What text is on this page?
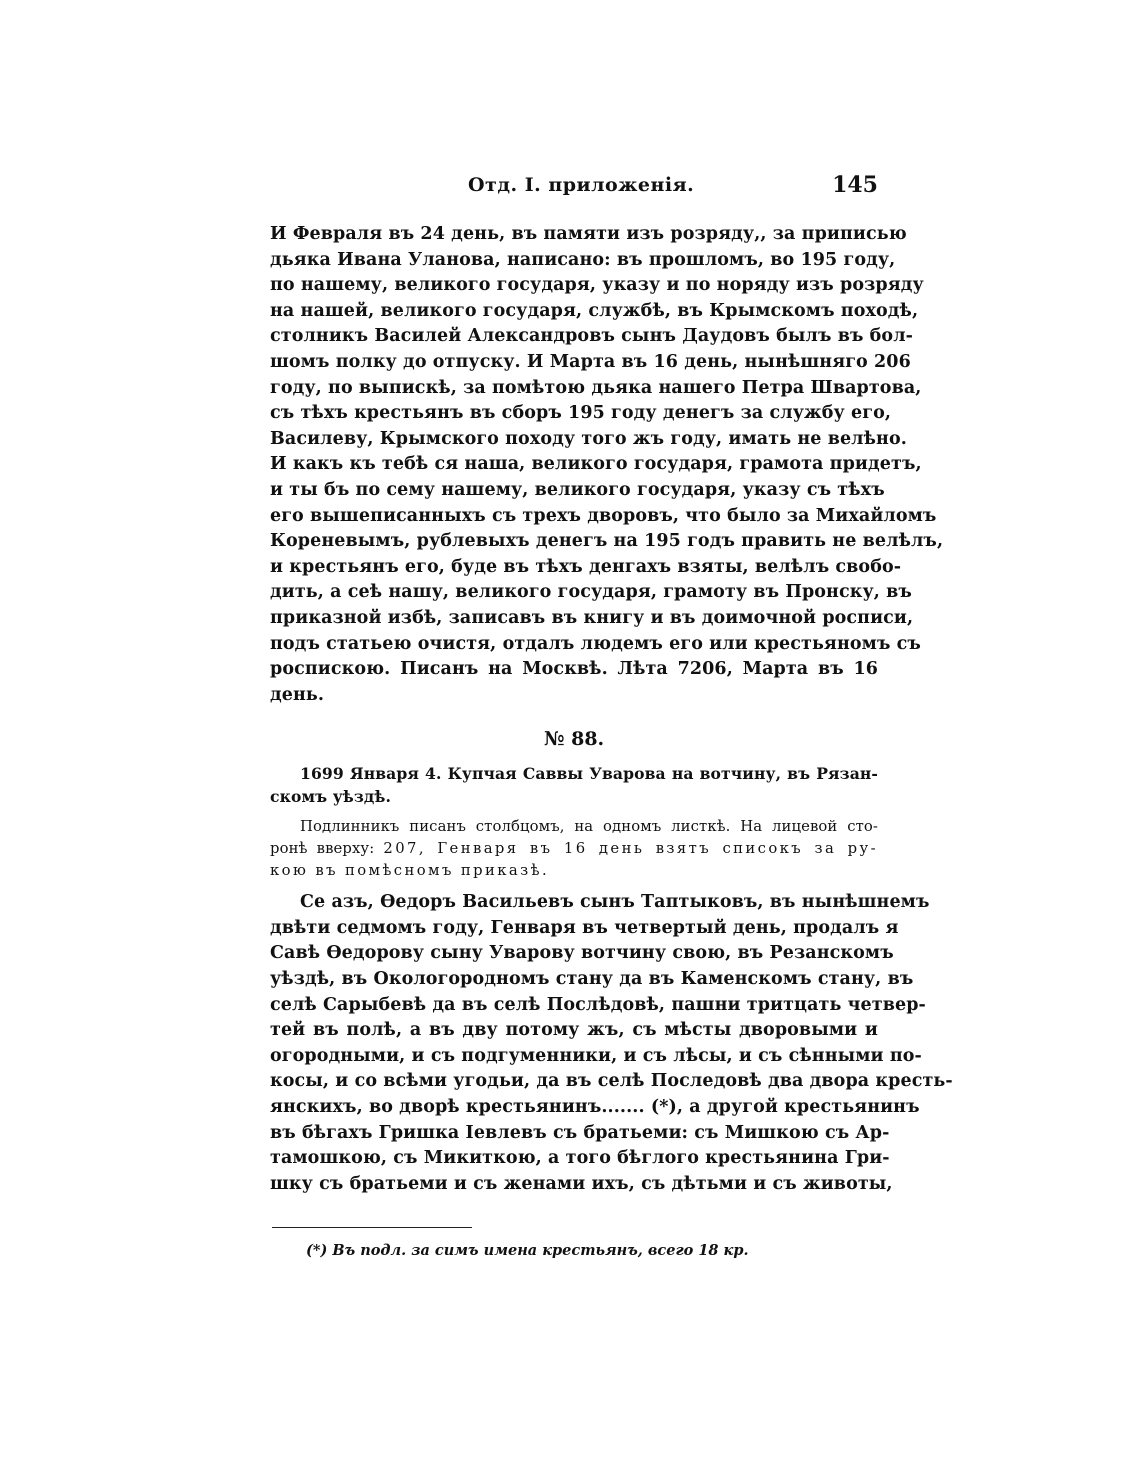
Отд. I. приложенія.	145
И Февраля въ 24 день, въ памяти изъ розряду,, за приписью
дьяка Ивана Уланова, написано: въ прошломъ, во 195 году,
по нашему, великого государя, указу и по норяду изъ розряду
на нашей, великого государя, службѣ, въ Крымскомъ походѣ,
столникъ Василей Александровъ сынъ Даудовъ былъ въ бол-
шомъ полку до отпуску. И Марта въ 16 день, нынѣшняго 206
году, по выпискѣ, за помѣтою дьяка нашего Петра Швартова,
съ тѣхъ крестьянъ въ сборъ 195 году денегъ за службу его,
Василеву, Крымского походу того жъ году, имать не велѣно.
И какъ къ тебѣ ся наша, великого государя, грамота придетъ,
и ты бъ по сему нашему, великого государя, указу съ тѣхъ
его вышеписанныхъ съ трехъ дворовъ, что было за Михайломъ
Кореневымъ, рублевыхъ денегъ на 195 годъ править не велѣлъ,
и крестьянъ его, буде въ тѣхъ денгахъ взяты, велѣлъ свобо-
дить, а сеѣ нашу, великого государя, грамоту въ Пронску, въ
приказной избѣ, записавъ въ книгу и въ доимочной росписи,
подъ статьею очистя, отдалъ людемъ его или крестьяномъ съ
роспискою. Писанъ на Москвѣ. Лѣта 7206, Марта въ 16
день.
№ 88.
1699 Января 4. Купчая Саввы Уварова на вотчину, въ Рязан-
скомъ уѣздѣ.
Подлинникъ писанъ столбцомъ, на одномъ листкѣ. На лицевой сто-
ронѣ вверху: 207, Генваря въ 16 день взятъ списокъ за ру-
кою въ помѣсномъ приказѣ.
Се азъ, Ѳедоръ Васильевъ сынъ Таптыковъ, въ нынѣшнемъ
двѣти седмомъ году, Генваря въ четвертый день, продалъ я
Савѣ Ѳедорову сыну Уварову вотчину свою, въ Резанскомъ
уѣздѣ, въ Окологородномъ стану да въ Каменскомъ стану, въ
селѣ Сарыбевѣ да въ селѣ Послѣдовѣ, пашни тритцать четвер-
тей въ полѣ, а въ дву потому жъ, съ мѣсты дворовыми и
огородными, и съ подгуменники, и съ лѣсы, и съ сѣнными по-
косы, и со всѣми угодьи, да въ селѣ Последовѣ два двора кресть-
янскихъ, во дворѣ крестьянинъ....... (*), а другой крестьянинъ
въ бѣгахъ Гришка Іевлевъ съ братьеми: съ Мишкою съ Ар-
тамошкою, съ Микиткою, а того бѣглого крестьянина Гри-
шку съ братьеми и съ женами ихъ, съ дѣтьми и съ животы,
(*) Въ подл. за симъ имена крестьянъ, всего 18 кр.
